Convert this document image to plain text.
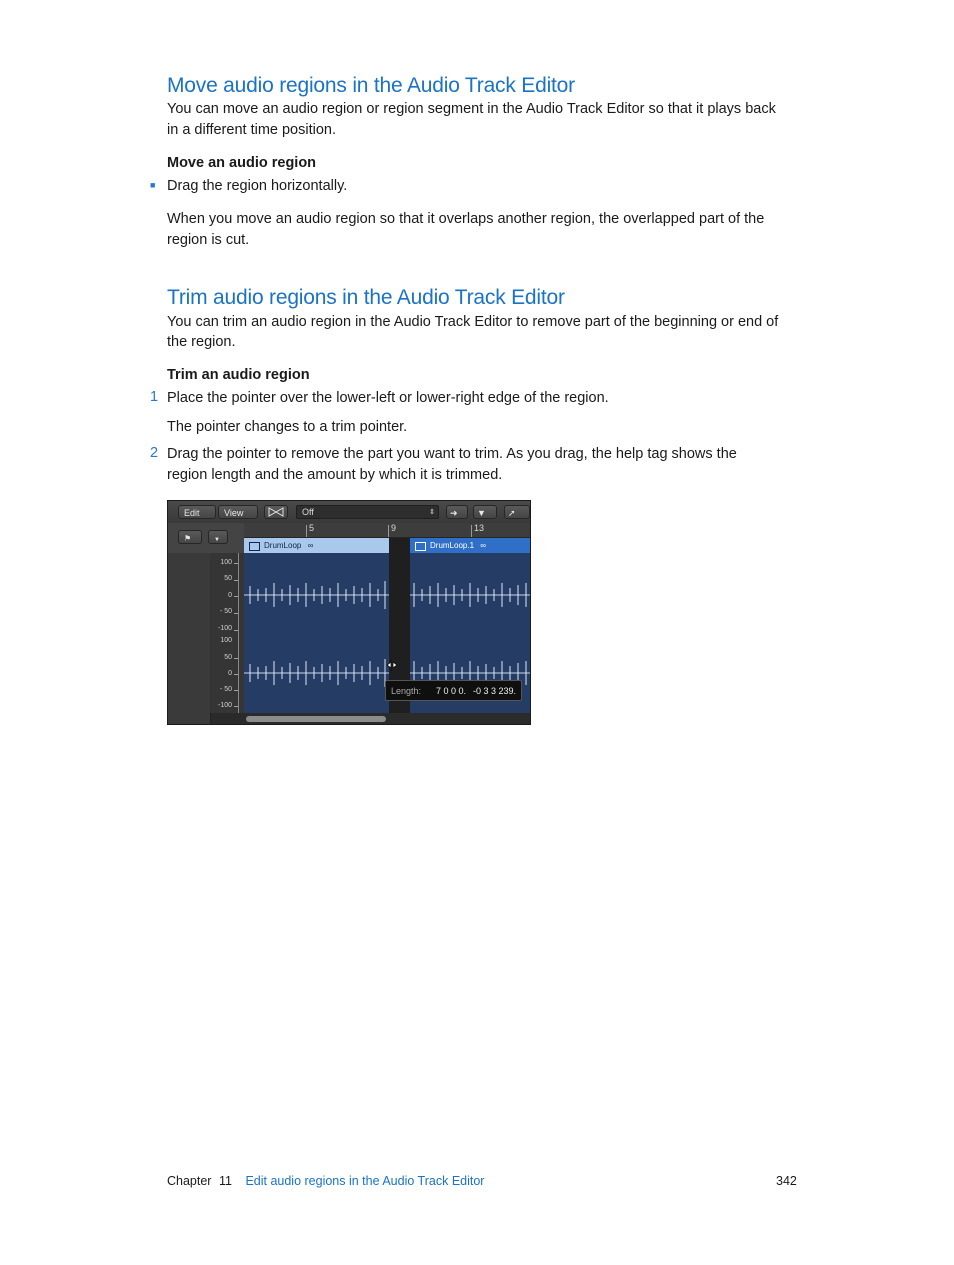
Move audio regions in the Audio Track Editor

You can move an audio region or region segment in the Audio Track Editor so that it plays back

in a different time position.

Move an audio region

■ Drag the region horizontally.

When you move an audio region so that it overlaps another region, the overlapped part of the

region is cut.

Trim audio regions in the Audio Track Editor

You can trim an audio region in the Audio Track Editor to remove part of the beginning or end of

the region.

Trim an audio region

1 Place the pointer over the lower-left or lower-right edge of the region.

The pointer changes to a trim pointer.

2 Drag the pointer to remove the part you want to trim. As you drag, the help tag shows the

region length and the amount by which it is trimmed.

Edit	View	Off	⇕	➜	▼	➚
⚑	▼
5	9	13
100
50
0
- 50
-100
100
50
0
- 50
-100
DrumLoop ∞	DrumLoop.1 ∞
Length: 7 0 0 0. -0 3 3 239.
Chapter 11 Edit audio regions in the Audio Track Editor	342
